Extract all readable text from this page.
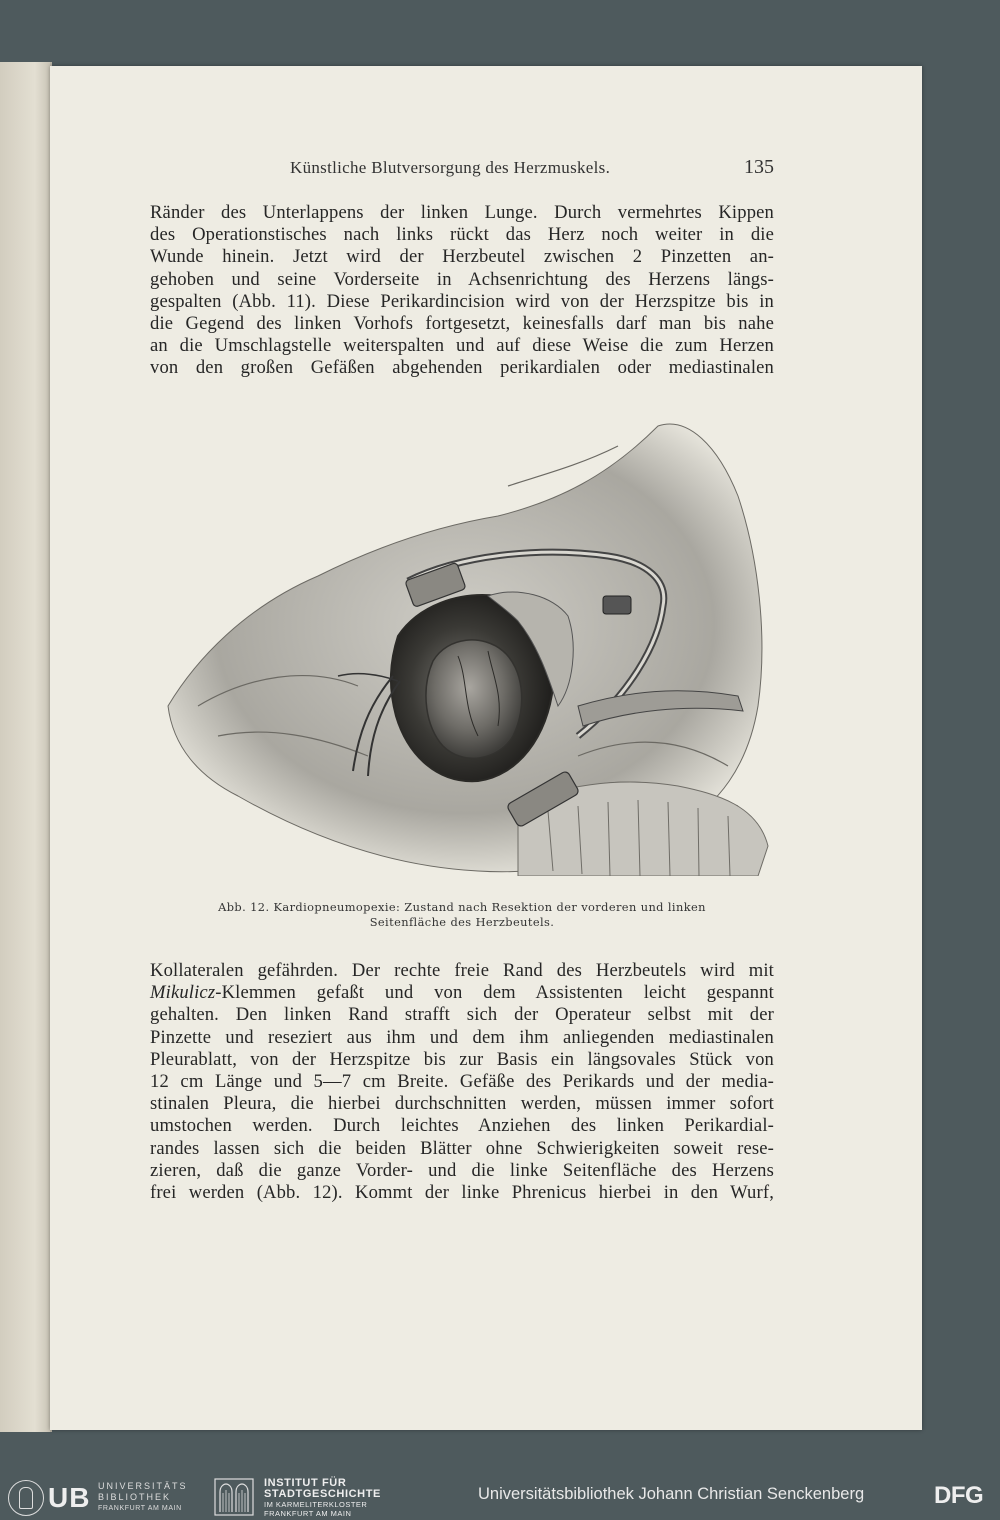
Künstliche Blutversorgung des Herzmuskels.	135
Ränder des Unterlappens der linken Lunge. Durch vermehrtes Kippen
des Operationstisches nach links rückt das Herz noch weiter in die
Wunde hinein. Jetzt wird der Herzbeutel zwischen 2 Pinzetten an-
gehoben und seine Vorderseite in Achsenrichtung des Herzens längs-
gespalten (Abb. 11). Diese Perikardincision wird von der Herzspitze bis in
die Gegend des linken Vorhofs fortgesetzt, keinesfalls darf man bis nahe
an die Umschlagstelle weiterspalten und auf diese Weise die zum Herzen
von den großen Gefäßen abgehenden perikardialen oder mediastinalen
Abb. 12. Kardiopneumopexie: Zustand nach Resektion der vorderen und linken
Seitenfläche des Herzbeutels.
Kollateralen gefährden. Der rechte freie Rand des Herzbeutels wird mit
Mikulicz-Klemmen gefaßt und von dem Assistenten leicht gespannt
gehalten. Den linken Rand strafft sich der Operateur selbst mit der
Pinzette und reseziert aus ihm und dem ihm anliegenden mediastinalen
Pleurablatt, von der Herzspitze bis zur Basis ein längsovales Stück von
12 cm Länge und 5—7 cm Breite. Gefäße des Perikards und der media-
stinalen Pleura, die hierbei durchschnitten werden, müssen immer sofort
umstochen werden. Durch leichtes Anziehen des linken Perikardial-
randes lassen sich die beiden Blätter ohne Schwierigkeiten soweit rese-
zieren, daß die ganze Vorder- und die linke Seitenfläche des Herzens
frei werden (Abb. 12). Kommt der linke Phrenicus hierbei in den Wurf,
UB UNIVERSITÄTS
BIBLIOTHEK
FRANKFURT AM MAIN
INSTITUT FÜR
STADTGESCHICHTE
IM KARMELITERKLOSTER
FRANKFURT AM MAIN
Universitätsbibliothek Johann Christian Senckenberg	DFG
